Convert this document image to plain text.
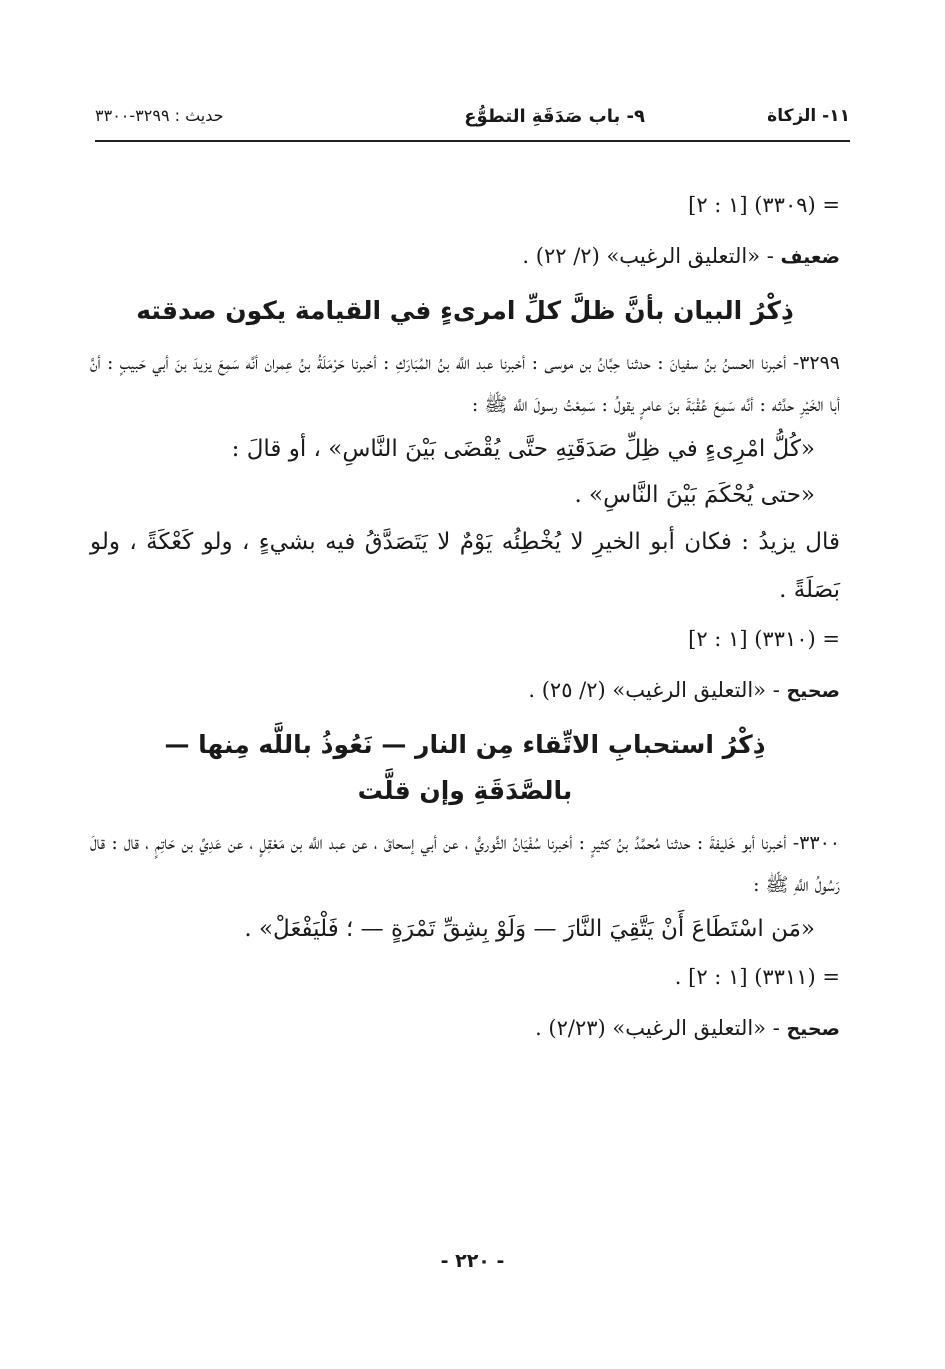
١١- الزكاة
٩- باب صَدَقَةِ التطوُّع
حديث : ٣٢٩٩-٣٣٠٠

= (٣٣٠٩) [١ : ٢]

ضعيف - «التعليق الرغيب» (٢/ ٢٢) .

ذِكْرُ البيان بأنَّ ظلَّ كلِّ امرىءٍ في القيامة يكون صدقته

٣٢٩٩- أخبرنا الحسنُ بنُ سفيانَ : حدثنا حِبَّانُ بن موسى : أخبرنا عبد اللَّه بنُ المُبَارَكِ : أخبرنا حَرْمَلَةُ بنُ عِمران أنَّه سَمِعَ يزيدَ بنَ أبي حَبيبٍ : أنَّ أبا الخَيْرِ حدَّثه : أنَّه سَمِعَ عُقْبَةَ بنَ عامرٍ يقولُ : سَمِعْتُ رسولَ اللَّه ﷺ :

«كُلُّ امْرِىءٍ في ظِلِّ صَدَقَتِهِ حتَّى يُقْضَى بَيْنَ النَّاسِ» ، أو قالَ :

«حتى يُحْكَمَ بَيْنَ النَّاسِ» .

قال يزيدُ : فكان أبو الخيرِ لا يُخْطِئُه يَوْمٌ لا يَتَصَدَّقُ فيه بشيءٍ ، ولو كَعْكَةً ، ولو بَصَلَةً .

= (٣٣١٠) [١ : ٢]

صحيح - «التعليق الرغيب» (٢/ ٢٥) .

ذِكْرُ استحبابِ الاتِّقاء مِن النار — نَعُوذُ باللَّه مِنها —

بالصَّدَقَةِ وإن قلَّت

٣٣٠٠- أخبرنا أبو خَليفةَ : حدثنا مُحمَّدُ بنُ كثيرٍ : أخبرنا سُفْيَانُ الثَّوريُّ ، عن أبي إسحاقَ ، عن عبد اللَّه بن مَعْقِلٍ ، عن عَدِيِّ بن حَاتِمٍ ، قال : قالَ رَسُولُ اللَّهِ ﷺ :

«مَن اسْتَطَاعَ أَنْ يَتَّقِيَ النَّارَ — وَلَوْ بِشِقِّ تَمْرَةٍ — ؛ فَلْيَفْعَلْ» .

= (٣٣١١) [١ : ٢] .

صحيح - «التعليق الرغيب» (٢/٢٣) .

- ٢٢٠ -
